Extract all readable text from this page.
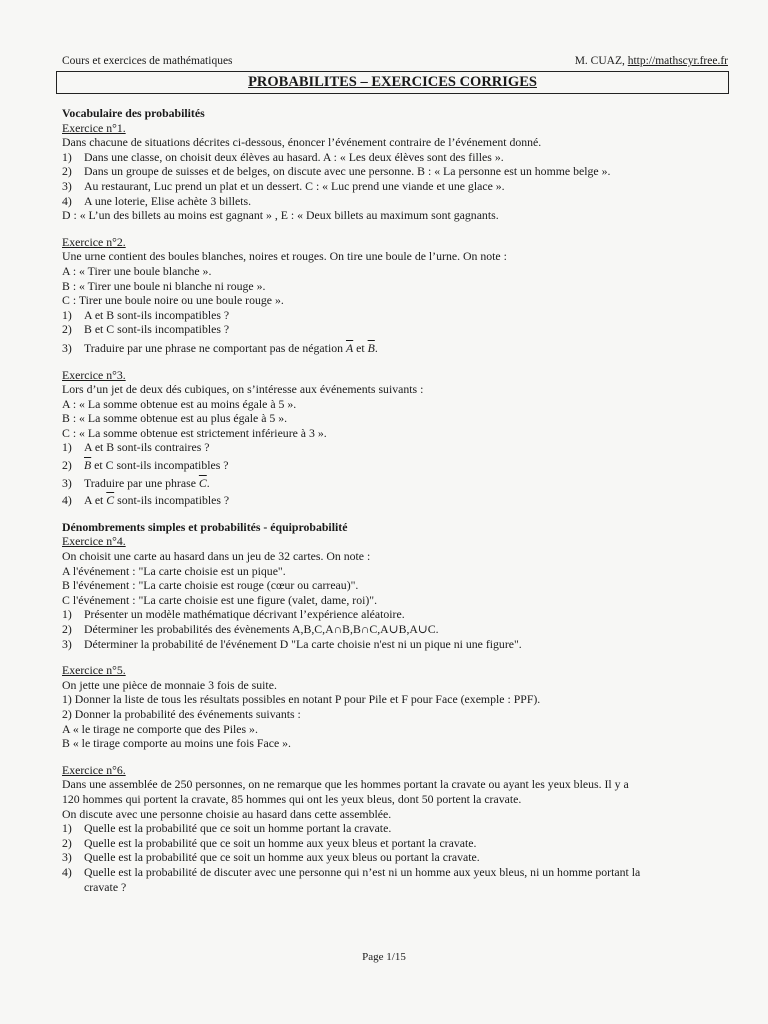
Cours et exercices de mathématiques	M. CUAZ, http://mathscyr.free.fr
PROBABILITES – EXERCICES CORRIGES
Vocabulaire des probabilités
Exercice n°1.
Dans chacune de situations décrites ci-dessous, énoncer l’événement contraire de l’événement donné.
1) Dans une classe, on choisit deux élèves au hasard. A : « Les deux élèves sont des filles ».
2) Dans un groupe de suisses et de belges, on discute avec une personne. B : « La personne est un homme belge ».
3) Au restaurant, Luc prend un plat et un dessert. C : « Luc prend une viande et une glace ».
4) A une loterie, Elise achète 3 billets.
D : « L’un des billets au moins est gagnant » , E : « Deux billets au maximum sont gagnants.
Exercice n°2.
Une urne contient des boules blanches, noires et rouges. On tire une boule de l’urne. On note :
A : « Tirer une boule blanche ».
B : « Tirer une boule ni blanche ni rouge ».
C : Tirer une boule noire ou une boule rouge ».
1) A et B sont-ils incompatibles ?
2) B et C sont-ils incompatibles ?
3) Traduire par une phrase ne comportant pas de négation $\overline{A}$ et $\overline{B}$.
Exercice n°3.
Lors d’un jet de deux dés cubiques, on s’intéresse aux événements suivants :
A : « La somme obtenue est au moins égale à 5 ».
B : « La somme obtenue est au plus égale à 5 ».
C : « La somme obtenue est strictement inférieure à 3 ».
1) A et B sont-ils contraires ?
2) $\overline{B}$ et C sont-ils incompatibles ?
3) Traduire par une phrase $\overline{C}$.
4) A et $\overline{C}$ sont-ils incompatibles ?
Dénombrements simples et probabilités - équiprobabilité
Exercice n°4.
On choisit une carte au hasard dans un jeu de 32 cartes. On note :
A l'événement : "La carte choisie est un pique".
B l'événement : "La carte choisie est rouge (cœur ou carreau)".
C l'événement : "La carte choisie est une figure (valet, dame, roi)".
1) Présenter un modèle mathématique décrivant l’expérience aléatoire.
2) Déterminer les probabilités des évènements A,B,C,A∩B,B∩C,A∪B,A∪C.
3) Déterminer la probabilité de l'événement D "La carte choisie n'est ni un pique ni une figure".
Exercice n°5.
On jette une pièce de monnaie 3 fois de suite.
1) Donner la liste de tous les résultats possibles en notant P pour Pile et F pour Face (exemple : PPF).
2) Donner la probabilité des événements suivants :
A « le tirage ne comporte que des Piles ».
B « le tirage comporte au moins une fois Face ».
Exercice n°6.
Dans une assemblée de 250 personnes, on ne remarque que les hommes portant la cravate ou ayant les yeux bleus. Il y a
120 hommes qui portent la cravate, 85 hommes qui ont les yeux bleus, dont 50 portent la cravate.
On discute avec une personne choisie au hasard dans cette assemblée.
1) Quelle est la probabilité que ce soit un homme portant la cravate.
2) Quelle est la probabilité que ce soit un homme aux yeux bleus et portant la cravate.
3) Quelle est la probabilité que ce soit un homme aux yeux bleus ou portant la cravate.
4) Quelle est la probabilité de discuter avec une personne qui n’est ni un homme aux yeux bleus, ni un homme portant la
cravate ?
Page 1/15
